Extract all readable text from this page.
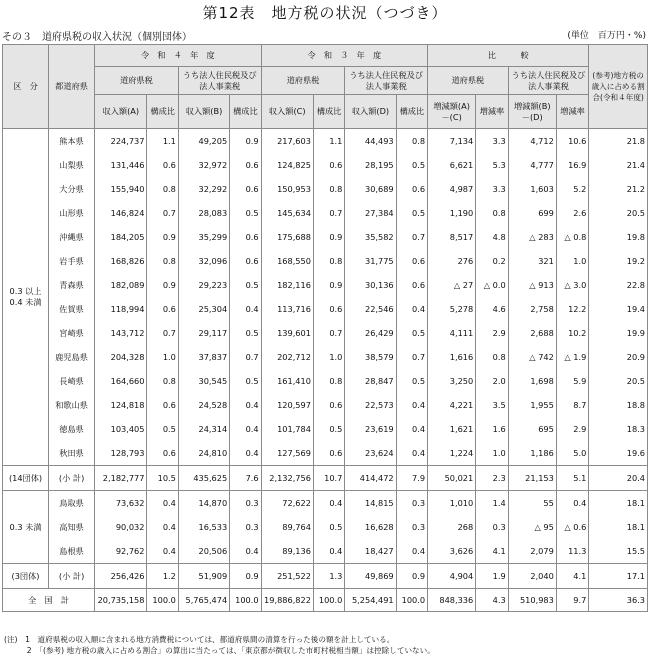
第12表　地方税の状況（つづき）
その３　道府県税の収入状況（個別団体）	(単位　百万円・%)
区　分	都道府県	令　和　４　年　度				令　和　３　年　度				比　　　較				(参考)地方税の歳入に占める割合(令和４年度)
		道府県税		うち法人住民税及び法人事業税		道府県税		うち法人住民税及び法人事業税		道府県税		うち法人住民税及び法人事業税		
		収入額(A)	構成比	収入額(B)	構成比	収入額(C)	構成比	収入額(D)	構成比	増減額(A)－(C)	増減率	増減額(B)－(D)	増減率	

0.3 以上
0.4 未満	熊本県	224,737	1.1	49,205	0.9	217,603	1.1	44,493	0.8	7,134	3.3	4,712	10.6	21.8
	山梨県	131,446	0.6	32,972	0.6	124,825	0.6	28,195	0.5	6,621	5.3	4,777	16.9	21.4
	大分県	155,940	0.8	32,292	0.6	150,953	0.8	30,689	0.6	4,987	3.3	1,603	5.2	21.2
	山形県	146,824	0.7	28,083	0.5	145,634	0.7	27,384	0.5	1,190	0.8	699	2.6	20.5
	沖縄県	184,205	0.9	35,299	0.6	175,688	0.9	35,582	0.7	8,517	4.8	△ 283	△ 0.8	19.8
	岩手県	168,826	0.8	32,096	0.6	168,550	0.8	31,775	0.6	276	0.2	321	1.0	19.2
	青森県	182,089	0.9	29,223	0.5	182,116	0.9	30,136	0.6	△ 27	△ 0.0	△ 913	△ 3.0	22.8
	佐賀県	118,994	0.6	25,304	0.4	113,716	0.6	22,546	0.4	5,278	4.6	2,758	12.2	19.4
	宮崎県	143,712	0.7	29,117	0.5	139,601	0.7	26,429	0.5	4,111	2.9	2,688	10.2	19.9
	鹿児島県	204,328	1.0	37,837	0.7	202,712	1.0	38,579	0.7	1,616	0.8	△ 742	△ 1.9	20.9
	長崎県	164,660	0.8	30,545	0.5	161,410	0.8	28,847	0.5	3,250	2.0	1,698	5.9	20.5
	和歌山県	124,818	0.6	24,528	0.4	120,597	0.6	22,573	0.4	4,221	3.5	1,955	8.7	18.8
	徳島県	103,405	0.5	24,314	0.4	101,784	0.5	23,619	0.4	1,621	1.6	695	2.9	18.3
	秋田県	128,793	0.6	24,810	0.4	127,569	0.6	23,624	0.4	1,224	1.0	1,186	5.0	19.6
(14団体)	(小 計)	2,182,777	10.5	435,625	7.6	2,132,756	10.7	414,472	7.9	50,021	2.3	21,153	5.1	20.4

0.3 未満	鳥取県	73,632	0.4	14,870	0.3	72,622	0.4	14,815	0.3	1,010	1.4	55	0.4	18.1
	高知県	90,032	0.4	16,533	0.3	89,764	0.5	16,628	0.3	268	0.3	△ 95	△ 0.6	18.1
	島根県	92,762	0.4	20,506	0.4	89,136	0.4	18,427	0.4	3,626	4.1	2,079	11.3	15.5
(3団体)	(小 計)	256,426	1.2	51,909	0.9	251,522	1.3	49,869	0.9	4,904	1.9	2,040	4.1	17.1
全　国　計		20,735,158	100.0	5,765,474	100.0	19,886,822	100.0	5,254,491	100.0	848,336	4.3	510,983	9.7	36.3
(注)　1　道府県税の収入額に含まれる地方消費税については、都道府県間の清算を行った後の額を計上している。
　　　2　「(参考) 地方税の歳入に占める割合」の算出に当たっては、「東京都が徴収した市町村税相当額」は控除していない。
